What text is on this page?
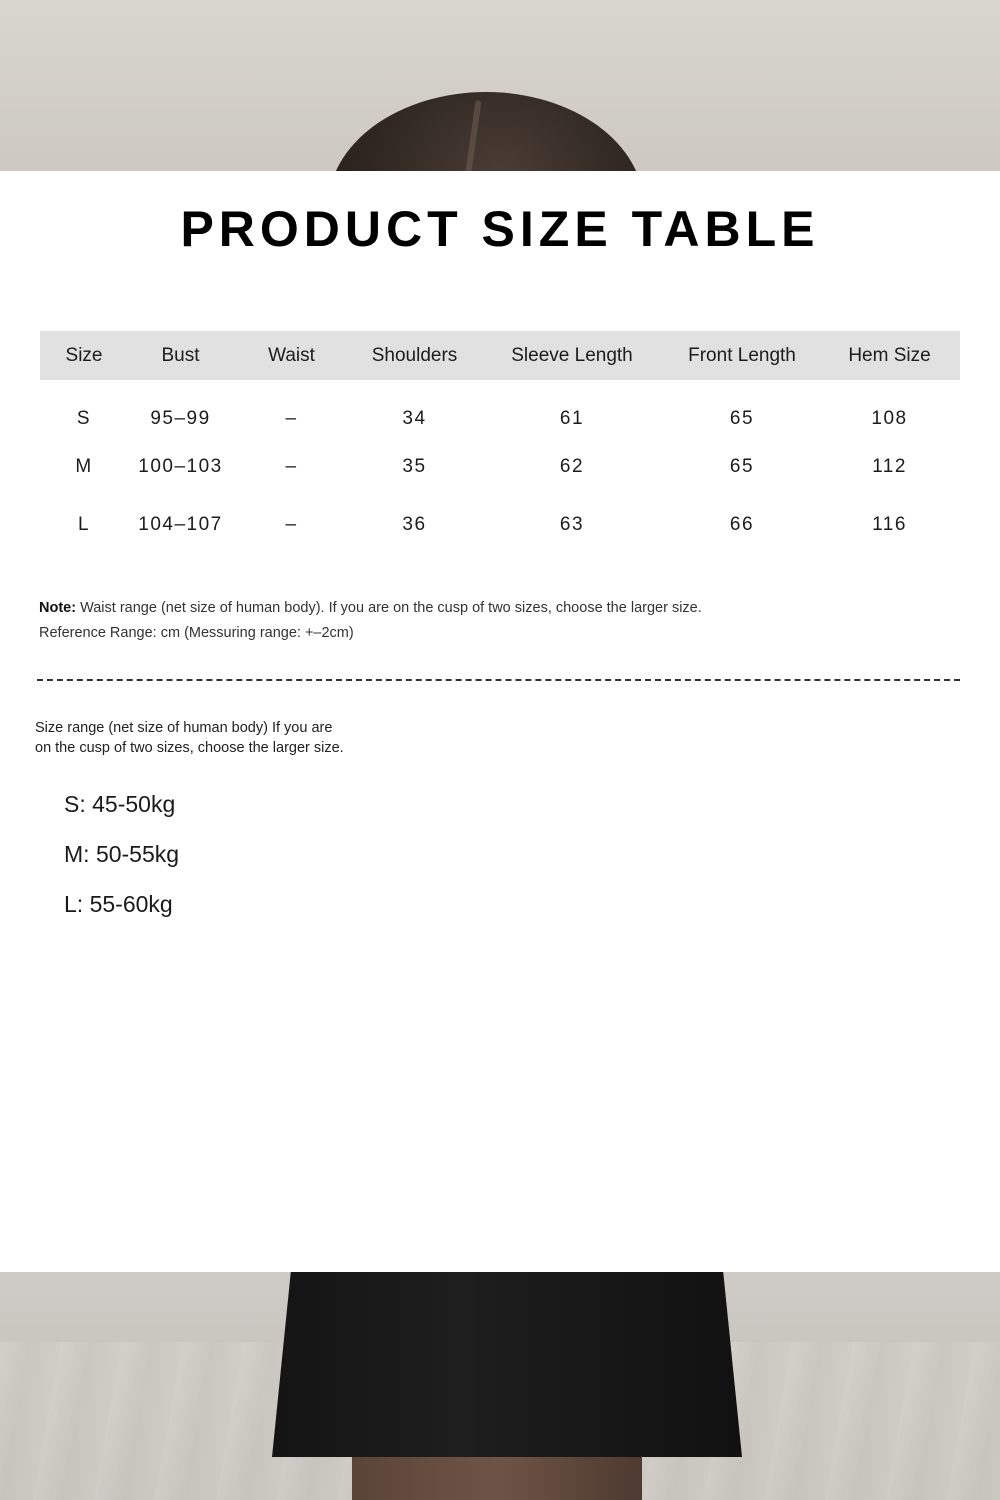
PRODUCT SIZE TABLE
Size	Bust	Waist	Shoulders	Sleeve Length	Front Length	Hem Size
S	95–99	–	34	61	65	108
M	100–103	–	35	62	65	112
L	104–107	–	36	63	66	116
Note: Waist range (net size of human body). If you are on the cusp of two sizes, choose the larger size.
Reference Range: cm (Messuring range: +–2cm)
Size range (net size of human body) If you are
on the cusp of two sizes, choose the larger size.
S: 45-50kg
M: 50-55kg
L: 55-60kg
